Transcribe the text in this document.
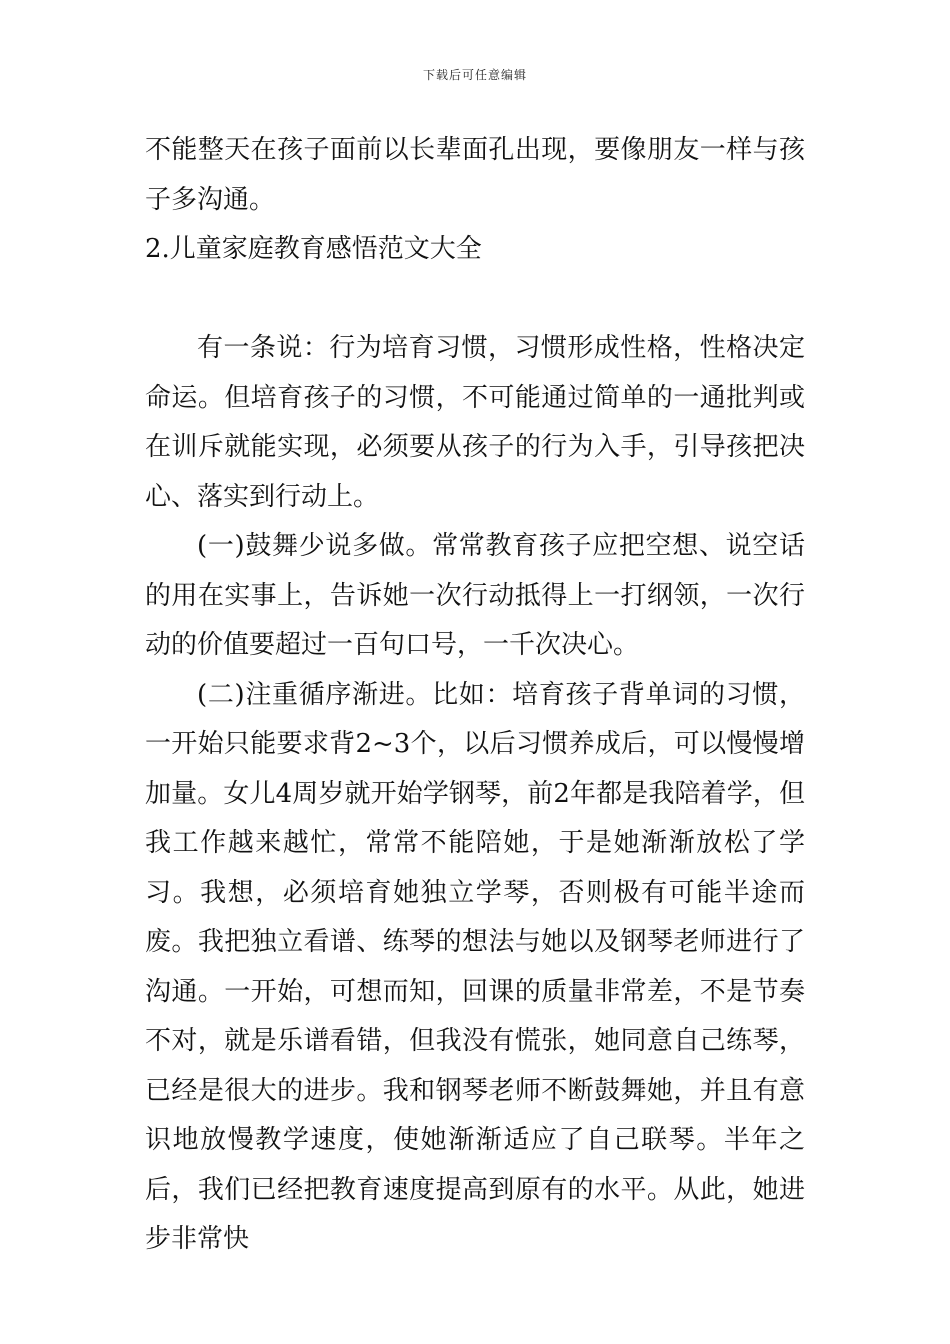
下载后可任意编辑

不能整天在孩子面前以长辈面孔出现，要像朋友一样与孩子多沟通。

2.儿童家庭教育感悟范文大全

有一条说：行为培育习惯，习惯形成性格，性格决定命运。但培育孩子的习惯，不可能通过简单的一通批判或在训斥就能实现，必须要从孩子的行为入手，引导孩把决心、落实到行动上。

(一)鼓舞少说多做。常常教育孩子应把空想、说空话的用在实事上，告诉她一次行动抵得上一打纲领，一次行动的价值要超过一百句口号，一千次决心。

(二)注重循序渐进。比如：培育孩子背单词的习惯，一开始只能要求背2~3个，以后习惯养成后，可以慢慢增加量。女儿4周岁就开始学钢琴，前2年都是我陪着学，但我工作越来越忙，常常不能陪她，于是她渐渐放松了学习。我想，必须培育她独立学琴，否则极有可能半途而废。我把独立看谱、练琴的想法与她以及钢琴老师进行了沟通。一开始，可想而知，回课的质量非常差，不是节奏不对，就是乐谱看错，但我没有慌张，她同意自己练琴，已经是很大的进步。我和钢琴老师不断鼓舞她，并且有意识地放慢教学速度，使她渐渐适应了自己联琴。半年之后，我们已经把教育速度提高到原有的水平。从此，她进步非常快
